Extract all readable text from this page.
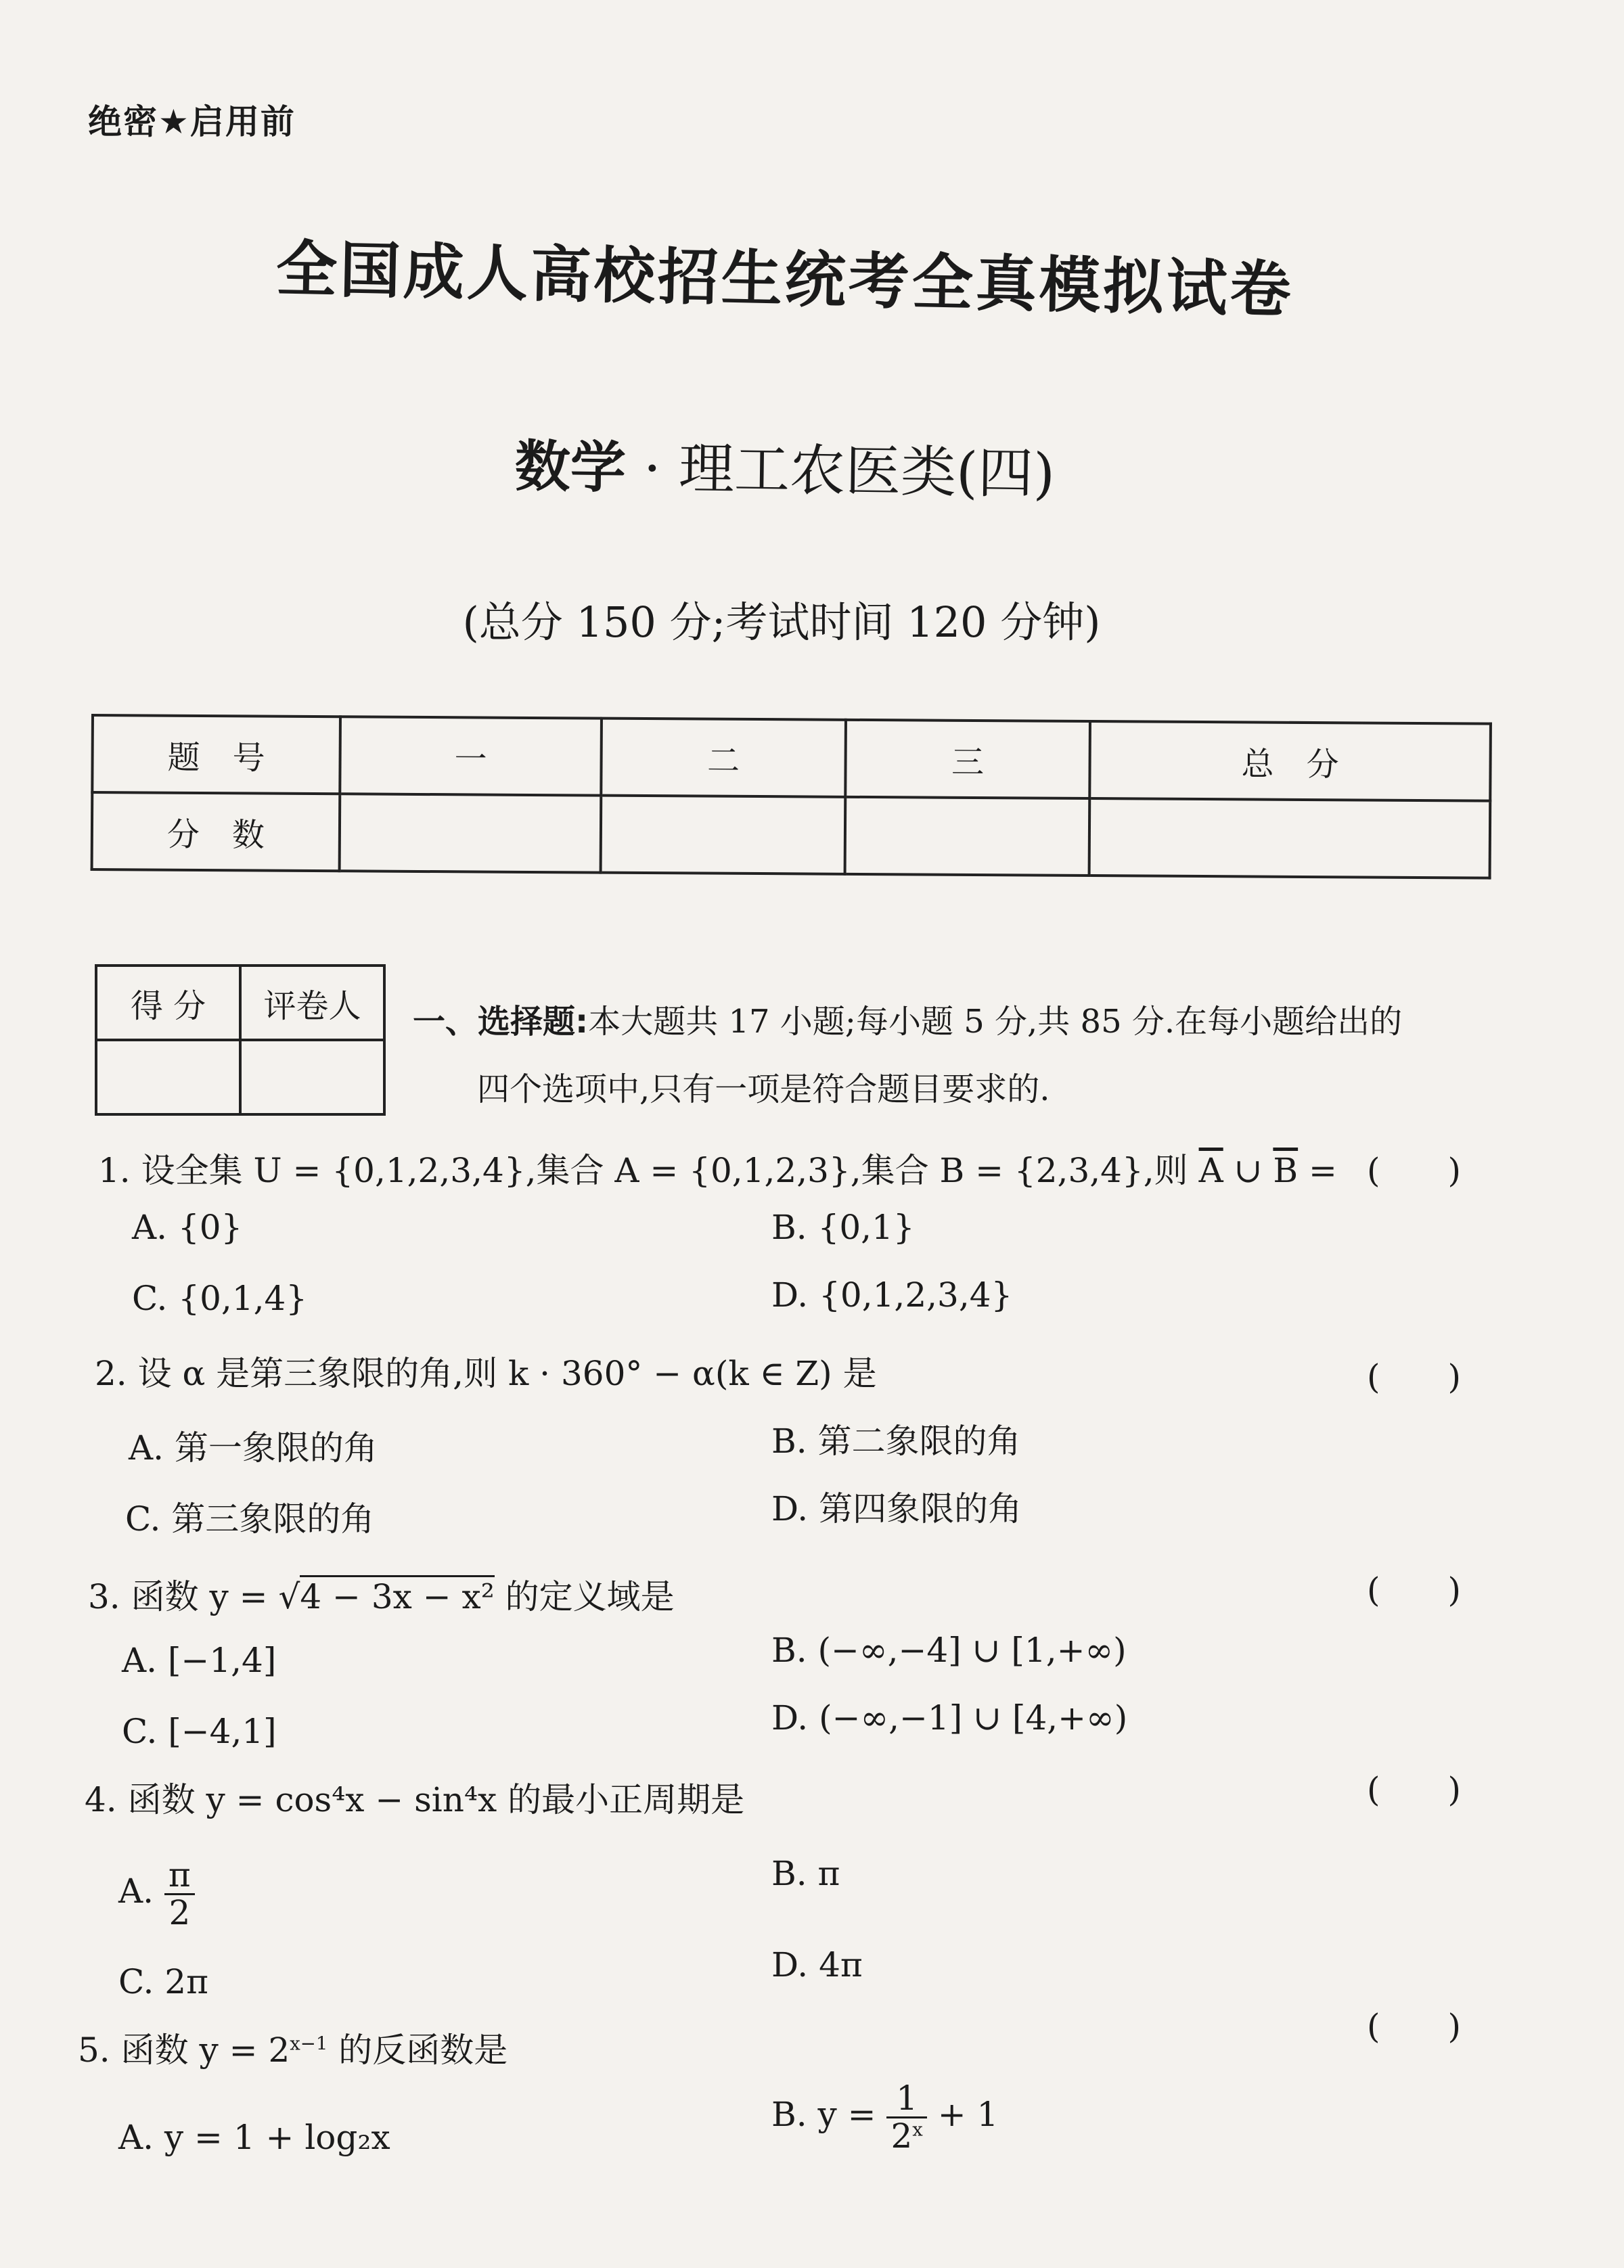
绝密★启用前
全国成人高校招生统考全真模拟试卷
数学 · 理工农医类(四)
(总分 150 分;考试时间 120 分钟)
题　号	一	二	三	总　分
分　数				
得 分	评卷人
	一、选择题:本大题共 17 小题;每小题 5 分,共 85 分.在每小题给出的
四个选项中,只有一项是符合题目要求的.
1. 设全集 U = {0,1,2,3,4},集合 A = {0,1,2,3},集合 B = {2,3,4},则 $\overline{A}$ ∪ $\overline{B}$ = (　　)
A. {0}	B. {0,1}
C. {0,1,4}	D. {0,1,2,3,4}
2. 设 α 是第三象限的角,则 k · 360° − α(k ∈ Z) 是	(　　)
A. 第一象限的角	B. 第二象限的角
C. 第三象限的角	D. 第四象限的角
(　　)
3. 函数 y = √4 − 3x − x² 的定义域是
A. [−1,4]	B. (−∞,−4] ∪ [1,+∞)
C. [−4,1]	D. (−∞,−1] ∪ [4,+∞)
4. 函数 y = cos⁴x − sin⁴x 的最小正周期是	(　　)
A. $\frac{\pi}{2}$	B. π
C. 2π	D. 4π
(　　)
5. 函数 $y = 2^{x-1}$ 的反函数是
A. y = 1 + log₂x
B. $y = \frac{1}{2^x} + 1$
